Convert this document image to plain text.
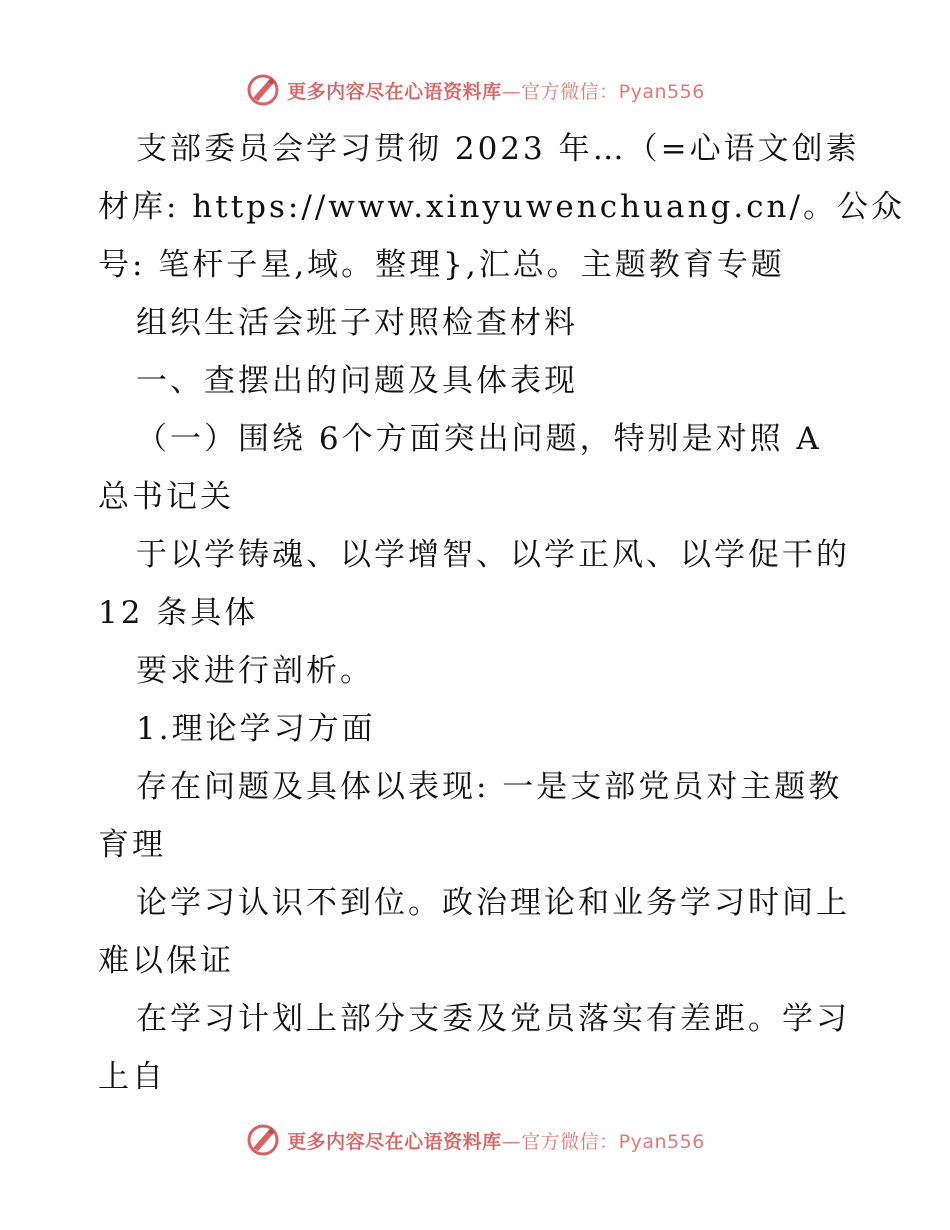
更多内容尽在心语资料库—官方微信：Pyan556
支部委员会学习贯彻 2023 年…（=心语文创素
材库: https://www.xinyuwenchuang.cn/。公众
号: 笔杆子星,域。整理},汇总。主题教育专题
组织生活会班子对照检查材料
一、查摆出的问题及具体表现
（一）围绕 6个方面突出问题，特别是对照 A
总书记关
于以学铸魂、以学增智、以学正风、以学促干的
12 条具体
要求进行剖析。
1.理论学习方面
存在问题及具体以表现: 一是支部党员对主题教
育理
论学习认识不到位。政治理论和业务学习时间上
难以保证
在学习计划上部分支委及党员落实有差距。学习
上自
更多内容尽在心语资料库—官方微信：Pyan556
